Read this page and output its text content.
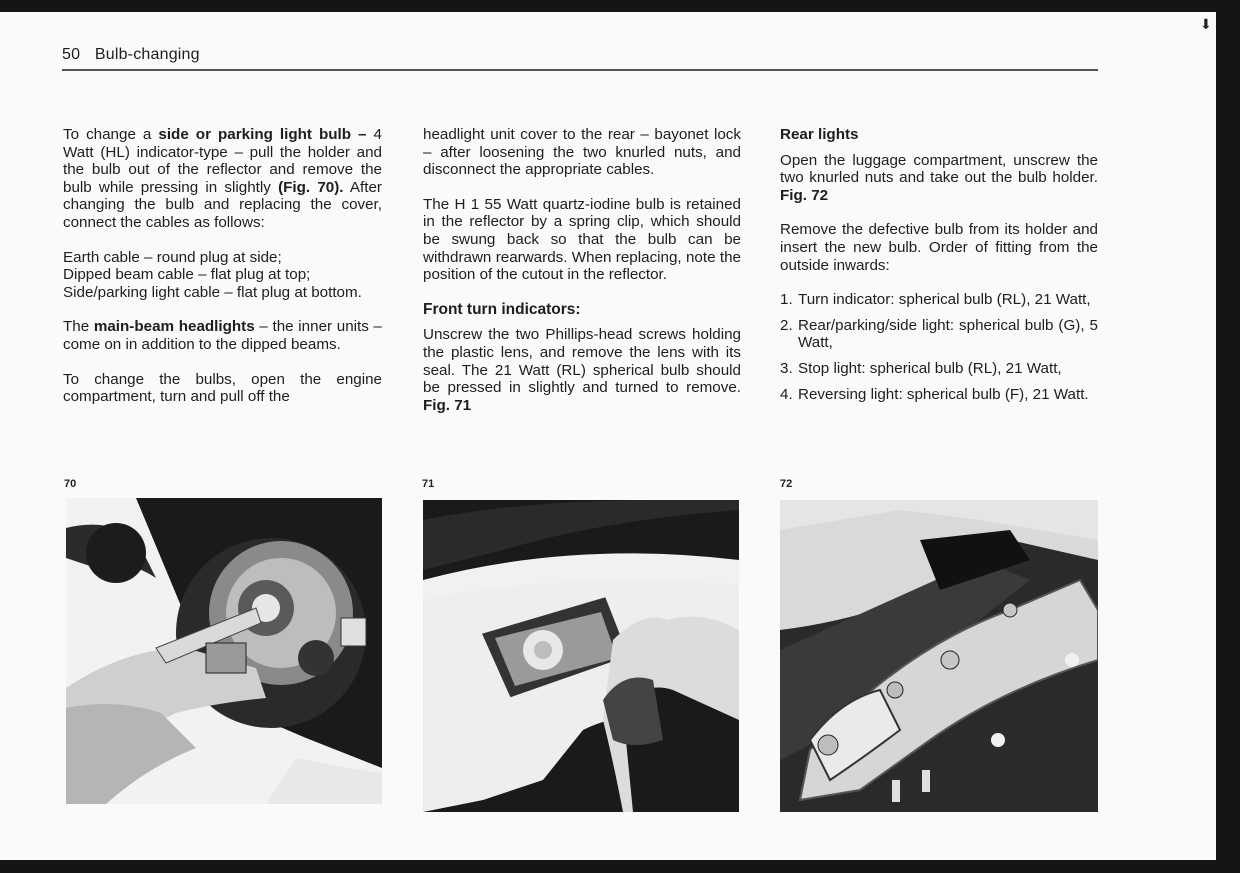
⬇
50 Bulb-changing

To change a side or parking light bulb – 4 Watt (HL) indicator-type – pull the holder and the bulb out of the reflector and remove the bulb while pressing in slightly (Fig. 70). After changing the bulb and replacing the cover, connect the cables as follows:

Earth cable – round plug at side;
Dipped beam cable – flat plug at top;
Side/parking light cable – flat plug at bottom.

The main-beam headlights – the inner units – come on in addition to the dipped beams.

To change the bulbs, open the engine compartment, turn and pull off the

headlight unit cover to the rear – bayonet lock – after loosening the two knurled nuts, and disconnect the appropriate cables.

The H 1 55 Watt quartz-iodine bulb is retained in the reflector by a spring clip, which should be swung back so that the bulb can be withdrawn rearwards. When replacing, note the position of the cutout in the reflector.

Front turn indicators:

Unscrew the two Phillips-head screws holding the plastic lens, and remove the lens with its seal. The 21 Watt (RL) spherical bulb should be pressed in slightly and turned to remove. Fig. 71

Rear lights

Open the luggage compartment, unscrew the two knurled nuts and take out the bulb holder. Fig. 72

Remove the defective bulb from its holder and insert the new bulb. Order of fitting from the outside inwards:

1. Turn indicator: spherical bulb (RL), 21 Watt,
2. Rear/parking/side light: spherical bulb (G), 5 Watt,
3. Stop light: spherical bulb (RL), 21 Watt,
4. Reversing light: spherical bulb (F), 21 Watt.
70	71	72
